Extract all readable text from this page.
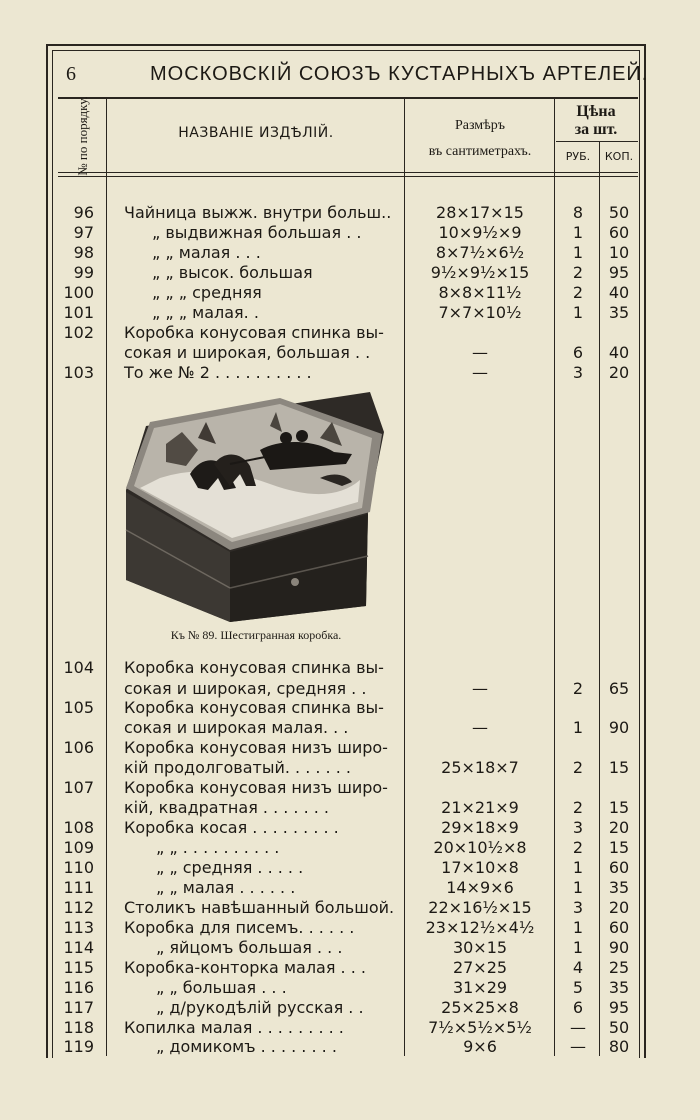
6	МОСКОВСКІЙ СОЮЗЪ КУСТАРНЫХЪ АРТЕЛЕЙ.
№ по порядку.	НАЗВАНІЕ ИЗДѢЛІЙ.	Размѣръ
въ сантиметрахъ.
Цѣна
за шт.
РУБ.	КОП.
96 Чайница выжж. внутри больш..	28×17×15	8	50
97	„ выдвижная большая . .	10×9½×9	1	60
98	„ „ малая . . .	8×7½×6½	1	10
99	„ „ высок. большая	9½×9½×15	2	95
100	„ „ „ средняя	8×8×11½	2	40
101	„ „ „ малая. .	7×7×10½	1	35
102 Коробка конусовая спинка вы-
сокая и широкая, большая . .	—	6	40
103 То же № 2 . . . . . . . . . .	—	3	20
Къ № 89. Шестигранная коробка.
104 Коробка конусовая спинка вы-
сокая и широкая, средняя . .	—	2	65
105 Коробка конусовая спинка вы-
сокая и широкая малая. . .	—	1	90
106 Коробка конусовая низъ широ-
кій продолговатый. . . . . . .	25×18×7	2	15
107 Коробка конусовая низъ широ-
кій, квадратная . . . . . . .	21×21×9	2	15
108 Коробка косая . . . . . . . . .	29×18×9	3	20
109	„ „ . . . . . . . . . .	20×10½×8	2	15
110	„ „ средняя . . . . .	17×10×8	1	60
111	„ „ малая . . . . . .	14×9×6	1	35
112 Столикъ навѣшанный большой.	22×16½×15	3	20
113 Коробка для писемъ. . . . . .	23×12½×4½	1	60
114	„ яйцомъ большая . . .	30×15	1	90
115 Коробка-конторка малая . . .	27×25	4	25
116	„ „ большая . . .	31×29	5	35
117	„ д/рукодѣлій русская . .	25×25×8	6	95
118 Копилка малая . . . . . . . . .	7½×5½×5½	—	50
119	„ домикомъ . . . . . . . .	9×6	—	80
